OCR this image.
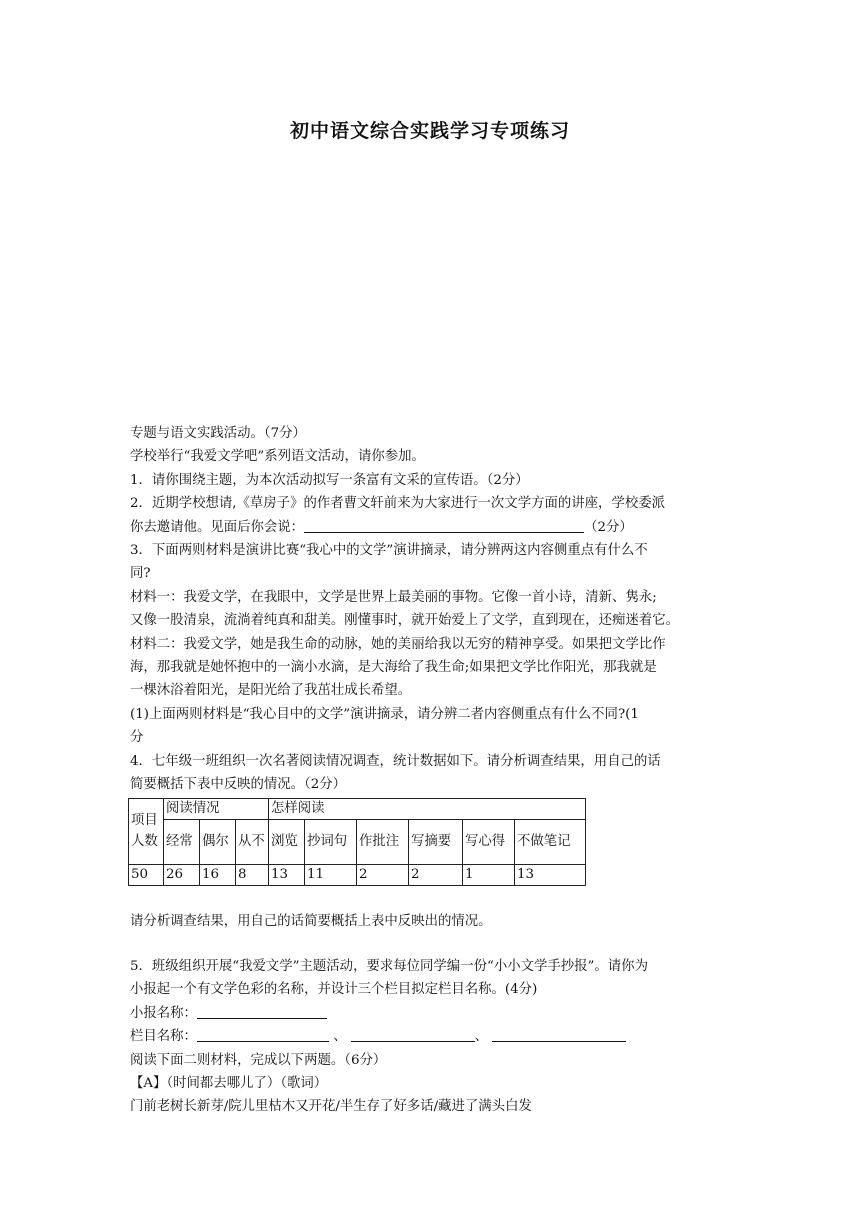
初中语文综合实践学习专项练习

专题与语文实践活动。（7分）

学校举行“我爱文学吧”系列语文活动，请你参加。

1．请你围绕主题，为本次活动拟写一条富有文采的宣传语。（2分）

2．近期学校想请,《草房子》的作者曹文轩前来为大家进行一次文学方面的讲座，学校委派

你去邀请他。见面后你会说：	（2分）

3．下面两则材料是演讲比赛“我心中的文学”演讲摘录，请分辨两这内容侧重点有什么不

同?

材料一：我爱文学，在我眼中，文学是世界上最美丽的事物。它像一首小诗，清新、隽永;

又像一股清泉，流淌着纯真和甜美。刚懂事时，就开始爱上了文学，直到现在，还痴迷着它。

材料二：我爱文学，她是我生命的动脉，她的美丽给我以无穷的精神享受。如果把文学比作

海，那我就是她怀抱中的一滴小水滴，是大海给了我生命;如果把文学比作阳光，那我就是

一棵沐浴着阳光，是阳光给了我茁壮成长希望。

(1)上面两则材料是“我心目中的文学”演讲摘录，请分辨二者内容侧重点有什么不同?(1

分

4．七年级一班组织一次名著阅读情况调查，统计数据如下。请分析调查结果，用自己的话

简要概括下表中反映的情况。（2分）

项目人数	阅读情况			怎样阅读					
	经常	偶尔	从不	浏览	抄词句	作批注	写摘要	写心得	不做笔记
50	26	16	8	13	11	2	2	1	13

请分析调查结果，用自己的话简要概括上表中反映出的情况。

5．班级组织开展“我爱文学”主题活动，要求每位同学编一份“小小文学手抄报”。请你为

小报起一个有文学色彩的名称，并设计三个栏目拟定栏目名称。(4分)

小报名称：

栏目名称：	、	、

阅读下面二则材料，完成以下两题。（6分）

【A】（时间都去哪儿了）（歌词）

门前老树长新芽/院儿里枯木又开花/半生存了好多话/藏进了满头白发
